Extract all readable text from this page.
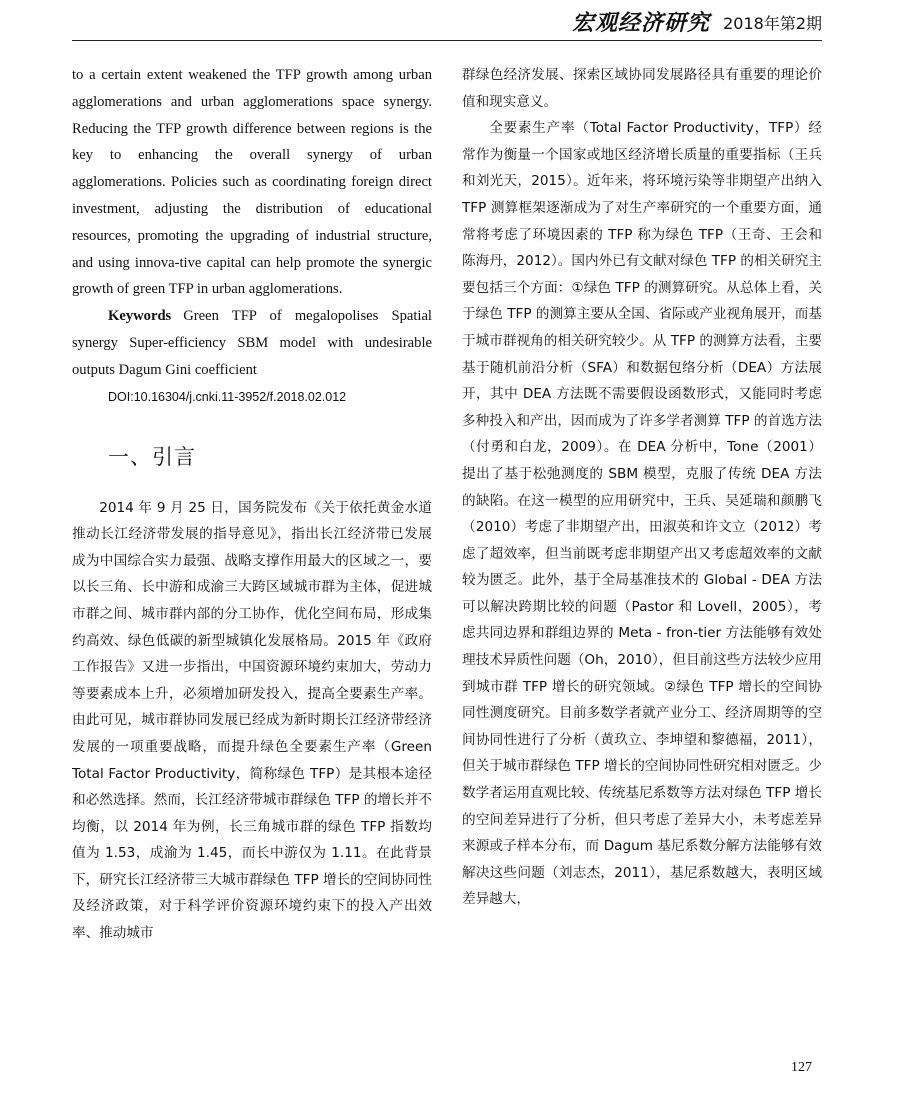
宏观经济研究 2018年第2期

to a certain extent weakened the TFP growth among urban agglomerations and urban agglomerations space synergy. Reducing the TFP growth difference between regions is the key to enhancing the overall synergy of urban agglomerations. Policies such as coordinating foreign direct investment, adjusting the distribution of educational resources, promoting the upgrading of industrial structure, and using innova-tive capital can help promote the synergic growth of green TFP in urban agglomerations.

Keywords Green TFP of megalopolises Spatial synergy Super-efficiency SBM model with undesirable outputs Dagum Gini coefficient

DOI:10.16304/j.cnki.11-3952/f.2018.02.012
一、引言

2014 年 9 月 25 日，国务院发布《关于依托黄金水道推动长江经济带发展的指导意见》，指出长江经济带已发展成为中国综合实力最强、战略支撑作用最大的区域之一，要以长三角、长中游和成渝三大跨区域城市群为主体，促进城市群之间、城市群内部的分工协作，优化空间布局，形成集约高效、绿色低碳的新型城镇化发展格局。2015 年《政府工作报告》又进一步指出，中国资源环境约束加大，劳动力等要素成本上升，必须增加研发投入，提高全要素生产率。由此可见，城市群协同发展已经成为新时期长江经济带经济发展的一项重要战略，而提升绿色全要素生产率（Green Total Factor Productivity，简称绿色 TFP）是其根本途径和必然选择。然而，长江经济带城市群绿色 TFP 的增长并不均衡，以 2014 年为例，长三角城市群的绿色 TFP 指数均值为 1.53，成渝为 1.45，而长中游仅为 1.11。在此背景下，研究长江经济带三大城市群绿色 TFP 增长的空间协同性及经济政策，对于科学评价资源环境约束下的投入产出效率、推动城市

群绿色经济发展、探索区域协同发展路径具有重要的理论价值和现实意义。

全要素生产率（Total Factor Productivity，TFP）经常作为衡量一个国家或地区经济增长质量的重要指标（王兵和刘光天，2015）。近年来，将环境污染等非期望产出纳入 TFP 测算框架逐渐成为了对生产率研究的一个重要方面，通常将考虑了环境因素的 TFP 称为绿色 TFP（王奇、王会和陈海丹，2012）。国内外已有文献对绿色 TFP 的相关研究主要包括三个方面：①绿色 TFP 的测算研究。从总体上看，关于绿色 TFP 的测算主要从全国、省际或产业视角展开，而基于城市群视角的相关研究较少。从 TFP 的测算方法看，主要基于随机前沿分析（SFA）和数据包络分析（DEA）方法展开，其中 DEA 方法既不需要假设函数形式，又能同时考虑多种投入和产出，因而成为了许多学者测算 TFP 的首选方法（付勇和白龙，2009）。在 DEA 分析中，Tone（2001）提出了基于松弛测度的 SBM 模型，克服了传统 DEA 方法的缺陷。在这一模型的应用研究中，王兵、吴延瑞和颜鹏飞（2010）考虑了非期望产出，田淑英和许文立（2012）考虑了超效率，但当前既考虑非期望产出又考虑超效率的文献较为匮乏。此外，基于全局基准技术的 Global - DEA 方法可以解决跨期比较的问题（Pastor 和 Lovell，2005），考虑共同边界和群组边界的 Meta - fron-tier 方法能够有效处理技术异质性问题（Oh，2010），但目前这些方法较少应用到城市群 TFP 增长的研究领域。②绿色 TFP 增长的空间协同性测度研究。目前多数学者就产业分工、经济周期等的空间协同性进行了分析（黄玖立、李坤望和黎德福，2011），但关于城市群绿色 TFP 增长的空间协同性研究相对匮乏。少数学者运用直观比较、传统基尼系数等方法对绿色 TFP 增长的空间差异进行了分析，但只考虑了差异大小，未考虑差异来源或子样本分布，而 Dagum 基尼系数分解方法能够有效解决这些问题（刘志杰，2011），基尼系数越大，表明区域差异越大，

127
